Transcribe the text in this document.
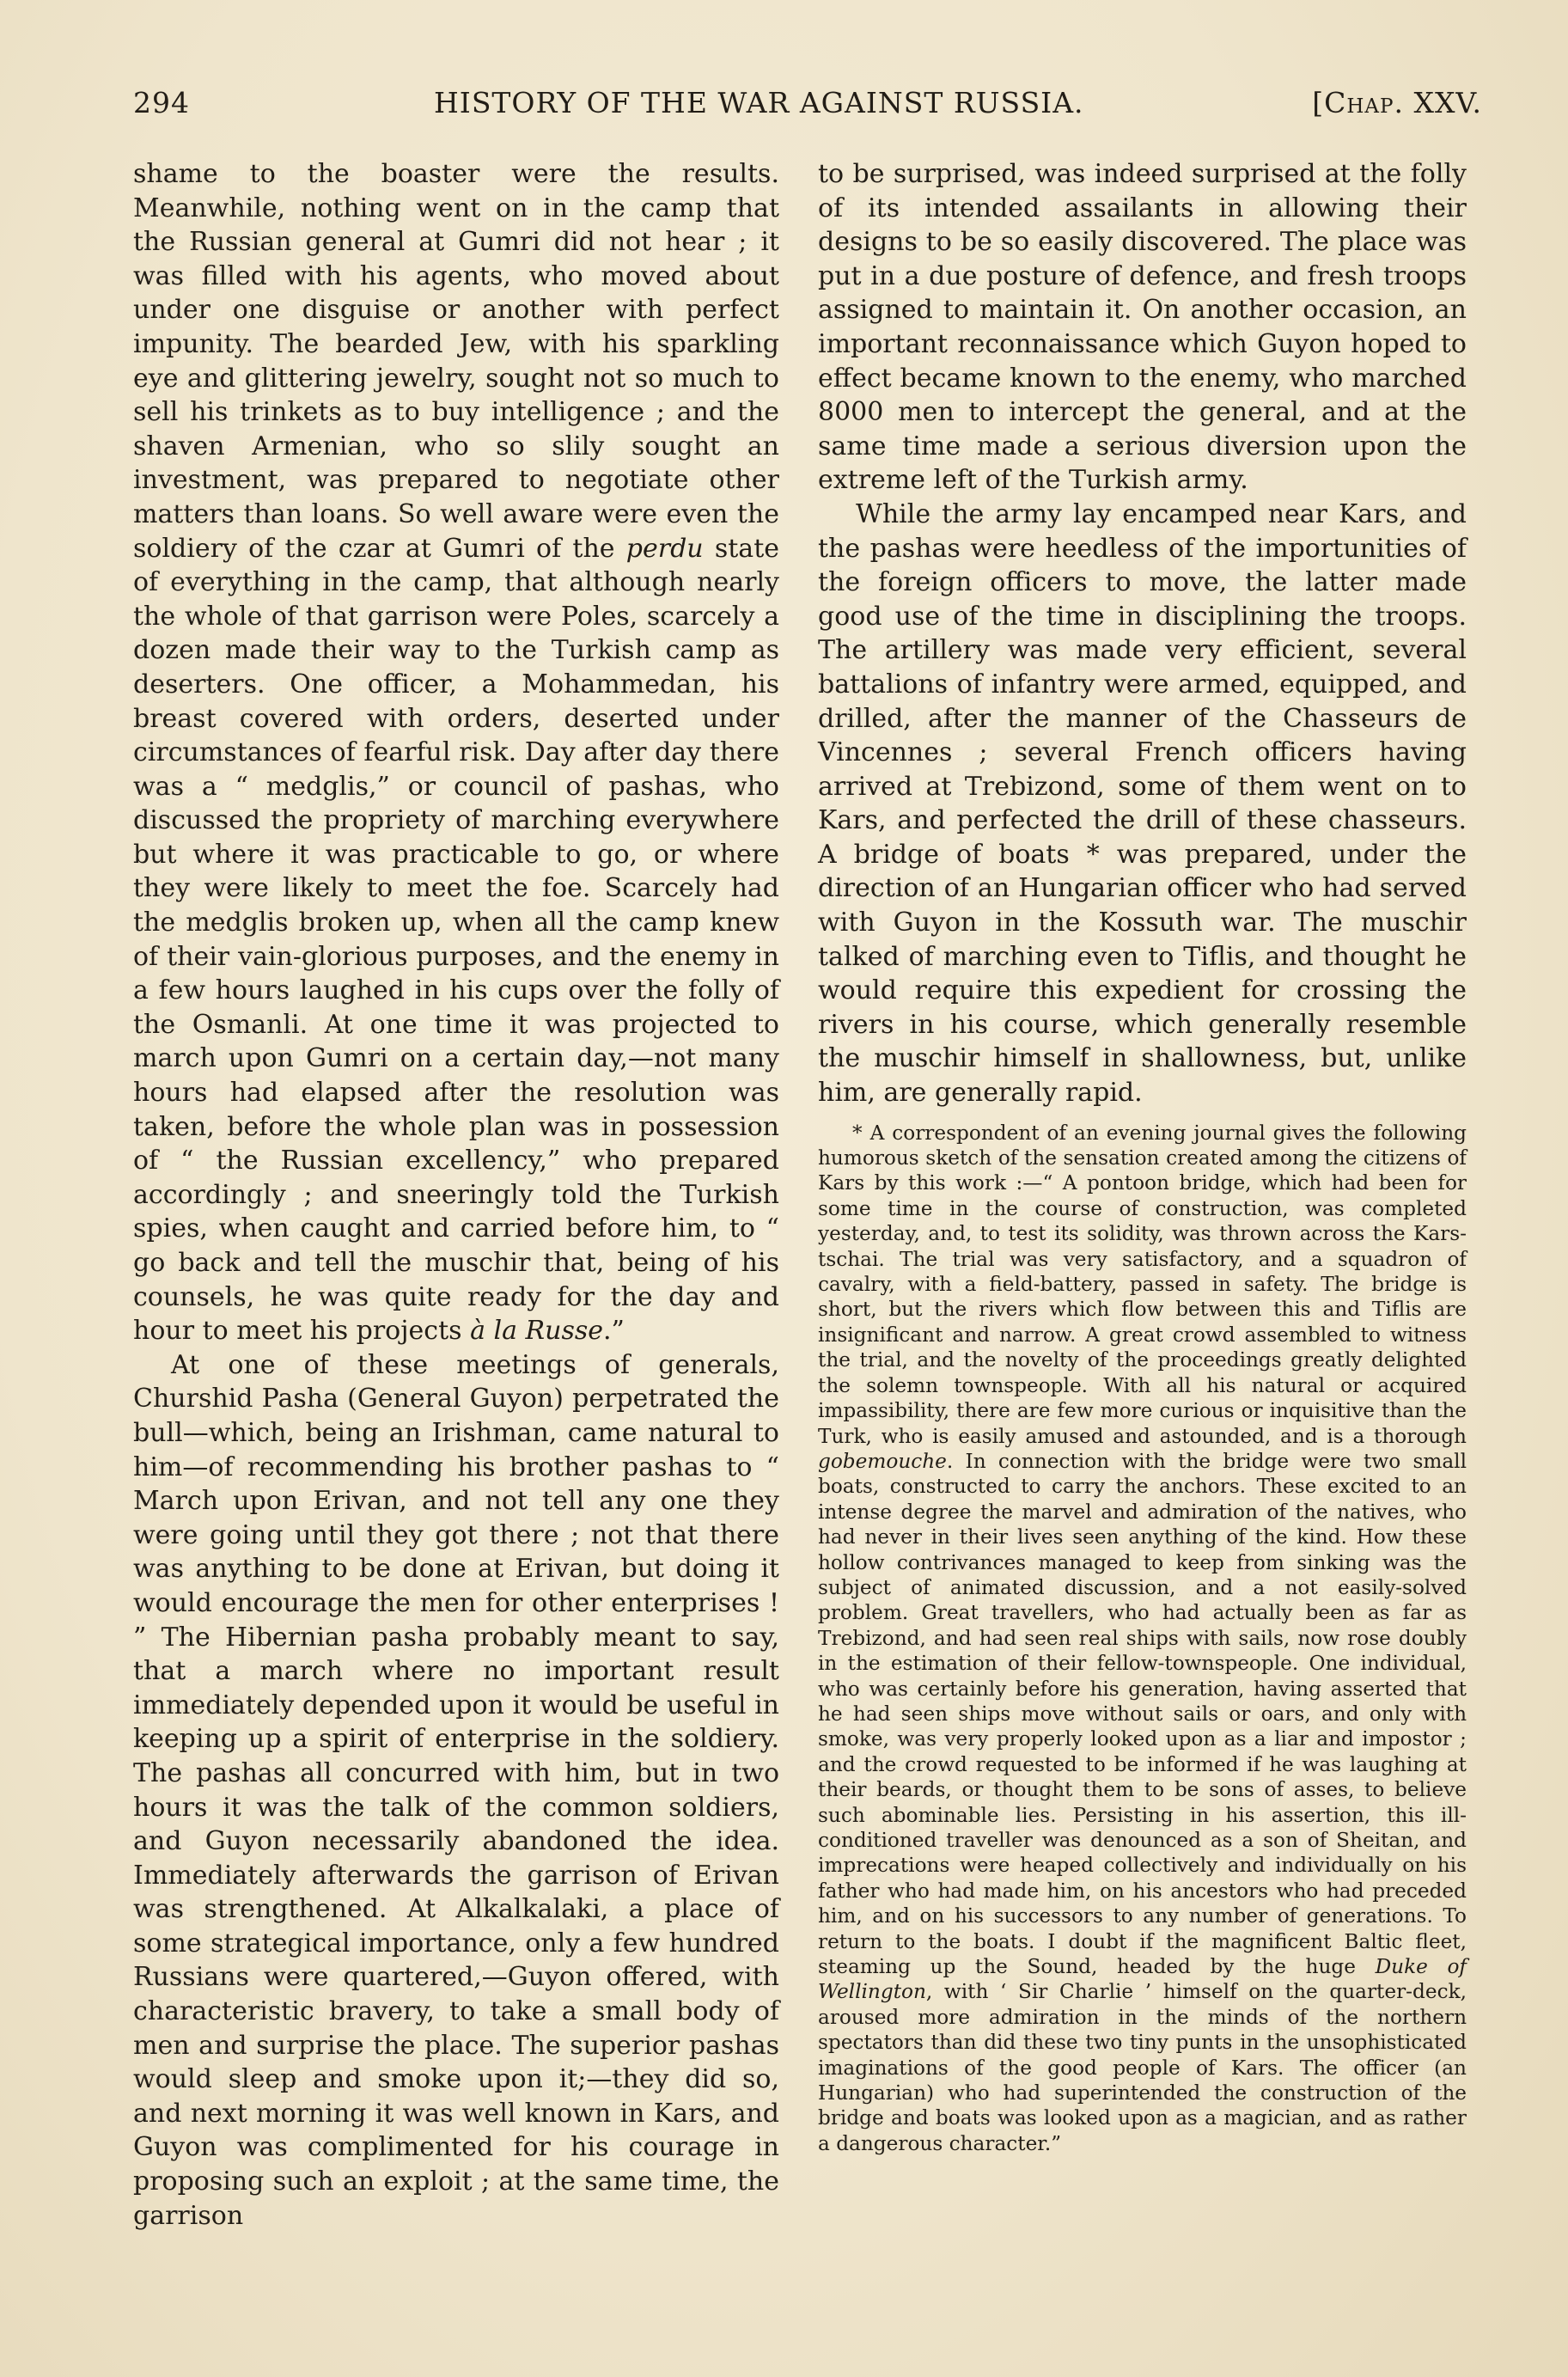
294	HISTORY OF THE WAR AGAINST RUSSIA.	[Chap. XXV.

shame to the boaster were the results. Meanwhile, nothing went on in the camp that the Russian general at Gumri did not hear ; it was filled with his agents, who moved about under one disguise or another with perfect impunity. The bearded Jew, with his sparkling eye and glittering jewelry, sought not so much to sell his trinkets as to buy intelligence ; and the shaven Armenian, who so slily sought an investment, was prepared to negotiate other matters than loans. So well aware were even the soldiery of the czar at Gumri of the perdu state of everything in the camp, that although nearly the whole of that garrison were Poles, scarcely a dozen made their way to the Turkish camp as deserters. One officer, a Mohammedan, his breast covered with orders, deserted under circumstances of fearful risk. Day after day there was a “ medglis,” or council of pashas, who discussed the propriety of marching everywhere but where it was practicable to go, or where they were likely to meet the foe. Scarcely had the medglis broken up, when all the camp knew of their vain-glorious purposes, and the enemy in a few hours laughed in his cups over the folly of the Osmanli. At one time it was projected to march upon Gumri on a certain day,—not many hours had elapsed after the resolution was taken, before the whole plan was in possession of “ the Russian excellency,” who prepared accordingly ; and sneeringly told the Turkish spies, when caught and carried before him, to “ go back and tell the muschir that, being of his counsels, he was quite ready for the day and hour to meet his projects à la Russe.”

At one of these meetings of generals, Churshid Pasha (General Guyon) perpetrated the bull—which, being an Irishman, came natural to him—of recommending his brother pashas to “ March upon Erivan, and not tell any one they were going until they got there ; not that there was anything to be done at Erivan, but doing it would encourage the men for other enterprises ! ” The Hibernian pasha probably meant to say, that a march where no important result immediately depended upon it would be useful in keeping up a spirit of enterprise in the soldiery. The pashas all concurred with him, but in two hours it was the talk of the common soldiers, and Guyon necessarily abandoned the idea. Immediately afterwards the garrison of Erivan was strengthened. At Alkalkalaki, a place of some strategical importance, only a few hundred Russians were quartered,—Guyon offered, with characteristic bravery, to take a small body of men and surprise the place. The superior pashas would sleep and smoke upon it;—they did so, and next morning it was well known in Kars, and Guyon was complimented for his courage in proposing such an exploit ; at the same time, the garrison

to be surprised, was indeed surprised at the folly of its intended assailants in allowing their designs to be so easily discovered. The place was put in a due posture of defence, and fresh troops assigned to maintain it. On another occasion, an important reconnaissance which Guyon hoped to effect became known to the enemy, who marched 8000 men to intercept the general, and at the same time made a serious diversion upon the extreme left of the Turkish army.

While the army lay encamped near Kars, and the pashas were heedless of the importunities of the foreign officers to move, the latter made good use of the time in disciplining the troops. The artillery was made very efficient, several battalions of infantry were armed, equipped, and drilled, after the manner of the Chasseurs de Vincennes ; several French officers having arrived at Trebizond, some of them went on to Kars, and perfected the drill of these chasseurs. A bridge of boats * was prepared, under the direction of an Hungarian officer who had served with Guyon in the Kossuth war. The muschir talked of marching even to Tiflis, and thought he would require this expedient for crossing the rivers in his course, which generally resemble the muschir himself in shallowness, but, unlike him, are generally rapid.

* A correspondent of an evening journal gives the following humorous sketch of the sensation created among the citizens of Kars by this work :—“ A pontoon bridge, which had been for some time in the course of construction, was completed yesterday, and, to test its solidity, was thrown across the Kars-tschai. The trial was very satisfactory, and a squadron of cavalry, with a field-battery, passed in safety. The bridge is short, but the rivers which flow between this and Tiflis are insignificant and narrow. A great crowd assembled to witness the trial, and the novelty of the proceedings greatly delighted the solemn townspeople. With all his natural or acquired impassibility, there are few more curious or inquisitive than the Turk, who is easily amused and astounded, and is a thorough gobemouche. In connection with the bridge were two small boats, constructed to carry the anchors. These excited to an intense degree the marvel and admiration of the natives, who had never in their lives seen anything of the kind. How these hollow contrivances managed to keep from sinking was the subject of animated discussion, and a not easily-solved problem. Great travellers, who had actually been as far as Trebizond, and had seen real ships with sails, now rose doubly in the estimation of their fellow-townspeople. One individual, who was certainly before his generation, having asserted that he had seen ships move without sails or oars, and only with smoke, was very properly looked upon as a liar and impostor ; and the crowd requested to be informed if he was laughing at their beards, or thought them to be sons of asses, to believe such abominable lies. Persisting in his assertion, this ill-conditioned traveller was denounced as a son of Sheitan, and imprecations were heaped collectively and individually on his father who had made him, on his ancestors who had preceded him, and on his successors to any number of generations. To return to the boats. I doubt if the magnificent Baltic fleet, steaming up the Sound, headed by the huge Duke of Wellington, with ‘ Sir Charlie ’ himself on the quarter-deck, aroused more admiration in the minds of the northern spectators than did these two tiny punts in the unsophisticated imaginations of the good people of Kars. The officer (an Hungarian) who had superintended the construction of the bridge and boats was looked upon as a magician, and as rather a dangerous character.”
